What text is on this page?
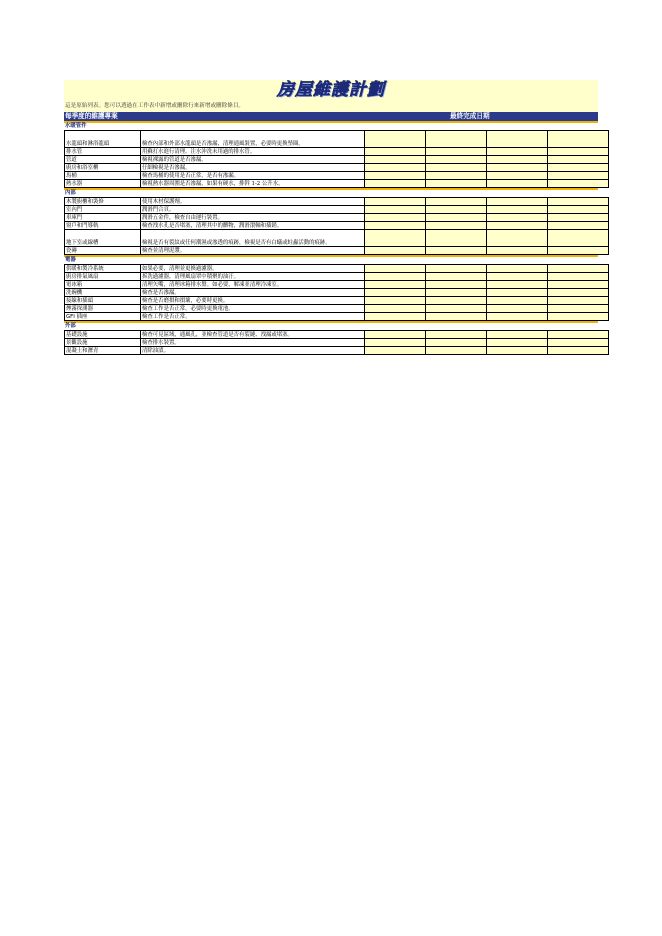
房屋維護計劃
這是原始列表。您可以透過在工作表中新增或刪除行來新增或刪除條目。
每季度的維護專案	最終完成日期
水暖管件
水龍頭和淋浴龍頭	檢查內部和外部水龍頭是否滲漏，清理通風裝置，必要時更換墊圈。				
排水管	用蘇打水進行清理。注水沖洗未用過的排水管。				
管道	檢視裸露的管道是否滲漏。				
廚房和浴室櫃	仔細檢視是否滲漏。				
馬桶	檢查馬桶的使用是否正常，是否有滲漏。				
熱水器	檢視熱水器周圍是否滲漏，如果有硬水，排幹 1-2 公升水。				
內部
木製廚櫃和裝修	使用木材保護劑。				
室內門	潤滑門合頁。				
車庫門	潤滑五金件，檢查自由運行裝置。				
窗戶和門導軌	檢查洩水孔是否堵塞，清理其中的髒物，潤滑滾軸和插銷。				
地下室或線槽	檢視是否有裂紋或任何潮濕或滲透的痕跡，檢視是否有白蟻或蛀蟲活動的痕跡。				
瓷磚	檢查並清理泥漿。				
電器
供暖和製冷系統	如果必要，清理並更換過濾器。				
廚房排氣風扇	拆洗過濾器，清理風扇罩中積聚的油汙。				
電冰箱	清理矢嘴，清理冰箱排水盤。如必要，解凍並清理冷凍室。				
洗碗機	檢查是否滲漏。				
接線和插頭	檢查是否磨損和損壞，必要時更換。				
煙霧探測器	檢查工作是否正常，必要時更換電池。				
GFI 插座	檢查工作是否正常。				
外部
基礎設施	檢查可見區域，通風孔，並檢查管道是否有裂縫、洩漏或堵塞。				
景觀設施	檢查排水裝置。				
混凝土和瀝青	清除油漬。				
